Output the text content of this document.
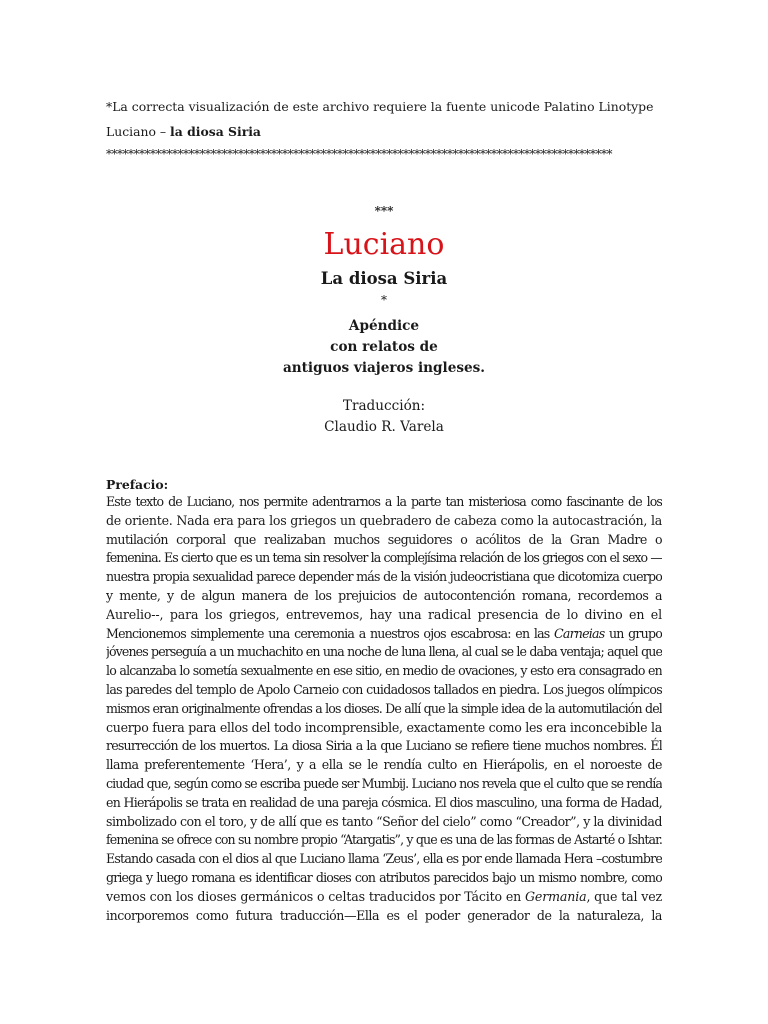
*La correcta visualización de este archivo requiere la fuente unicode Palatino Linotype
Luciano – la diosa Siria
********************************************************************************************
***
Luciano
La diosa Siria
*
Apéndice
con relatos de
antiguos viajeros ingleses.
Traducción:
Claudio R. Varela
Prefacio:
Este texto de Luciano, nos permite adentrarnos a la parte tan misteriosa como fascinante de los
de oriente. Nada era para los griegos un quebradero de cabeza como la autocastración, la
mutilación corporal que realizaban muchos seguidores o acólitos de la Gran Madre o
femenina. Es cierto que es un tema sin resolver la complejísima relación de los griegos con el sexo —
nuestra propia sexualidad parece depender más de la visión judeocristiana que dicotomiza cuerpo
y mente, y de algun manera de los prejuicios de autocontención romana, recordemos a
Aurelio--, para los griegos, entrevemos, hay una radical presencia de lo divino en el
Mencionemos simplemente una ceremonia a nuestros ojos escabrosa: en las Carneias un grupo
jóvenes perseguía a un muchachito en una noche de luna llena, al cual se le daba ventaja; aquel que
lo alcanzaba lo sometía sexualmente en ese sitio, en medio de ovaciones, y esto era consagrado en
las paredes del templo de Apolo Carneio con cuidadosos tallados en piedra. Los juegos olímpicos
mismos eran originalmente ofrendas a los dioses. De allí que la simple idea de la automutilación del
cuerpo fuera para ellos del todo incomprensible, exactamente como les era inconcebible la
resurrección de los muertos. La diosa Siria a la que Luciano se refiere tiene muchos nombres. Él
llama preferentemente ‘Hera’, y a ella se le rendía culto en Hierápolis, en el noroeste de
ciudad que, según como se escriba puede ser Mumbij. Luciano nos revela que el culto que se rendía
en Hierápolis se trata en realidad de una pareja cósmica. El dios masculino, una forma de Hadad,
simbolizado con el toro, y de allí que es tanto “Señor del cielo” como “Creador”, y la divinidad
femenina se ofrece con su nombre propio “Atargatis”, y que es una de las formas de Astarté o Ishtar.
Estando casada con el dios al que Luciano llama ‘Zeus’, ella es por ende llamada Hera –costumbre
griega y luego romana es identificar dioses con atributos parecidos bajo un mismo nombre, como
vemos con los dioses germánicos o celtas traducidos por Tácito en Germania, que tal vez
incorporemos como futura traducción—Ella es el poder generador de la naturaleza, la
